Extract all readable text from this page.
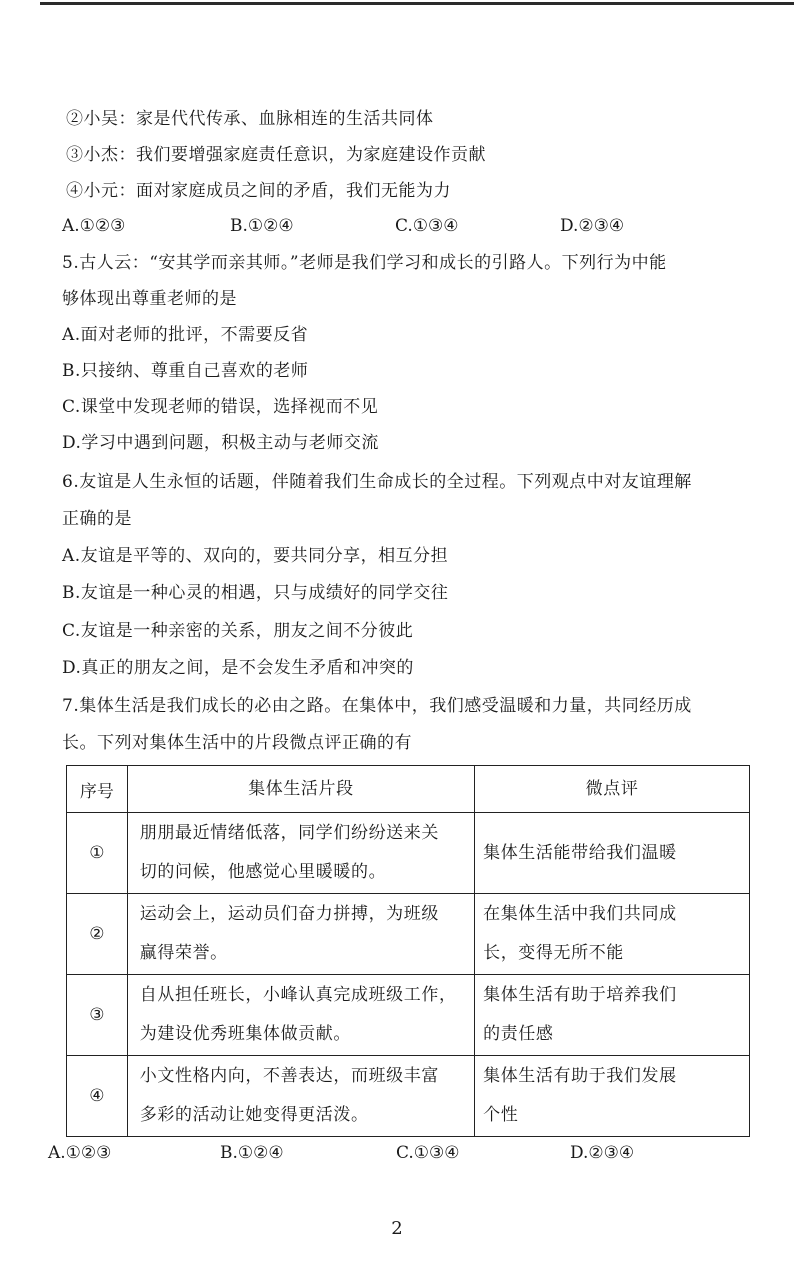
②小吴：家是代代传承、血脉相连的生活共同体
③小杰：我们要增强家庭责任意识，为家庭建设作贡献
④小元：面对家庭成员之间的矛盾，我们无能为力
A.①②③	B.①②④	C.①③④	D.②③④
5.古人云：“安其学而亲其师。”老师是我们学习和成长的引路人。下列行为中能
够体现出尊重老师的是
A.面对老师的批评，不需要反省
B.只接纳、尊重自己喜欢的老师
C.课堂中发现老师的错误，选择视而不见
D.学习中遇到问题，积极主动与老师交流
6.友谊是人生永恒的话题，伴随着我们生命成长的全过程。下列观点中对友谊理解
正确的是
A.友谊是平等的、双向的，要共同分享，相互分担
B.友谊是一种心灵的相遇，只与成绩好的同学交往
C.友谊是一种亲密的关系，朋友之间不分彼此
D.真正的朋友之间，是不会发生矛盾和冲突的
7.集体生活是我们成长的必由之路。在集体中，我们感受温暖和力量，共同经历成
长。下列对集体生活中的片段微点评正确的有
序号	集体生活片段	微点评
①	朋朋最近情绪低落，同学们纷纷送来关
切的问候，他感觉心里暖暖的。	集体生活能带给我们温暖
②	运动会上，运动员们奋力拼搏，为班级
赢得荣誉。	在集体生活中我们共同成
长，变得无所不能
③	自从担任班长，小峰认真完成班级工作，
为建设优秀班集体做贡献。	集体生活有助于培养我们
的责任感
④	小文性格内向，不善表达，而班级丰富
多彩的活动让她变得更活泼。	集体生活有助于我们发展
个性
A.①②③	B.①②④	C.①③④	D.②③④
2
